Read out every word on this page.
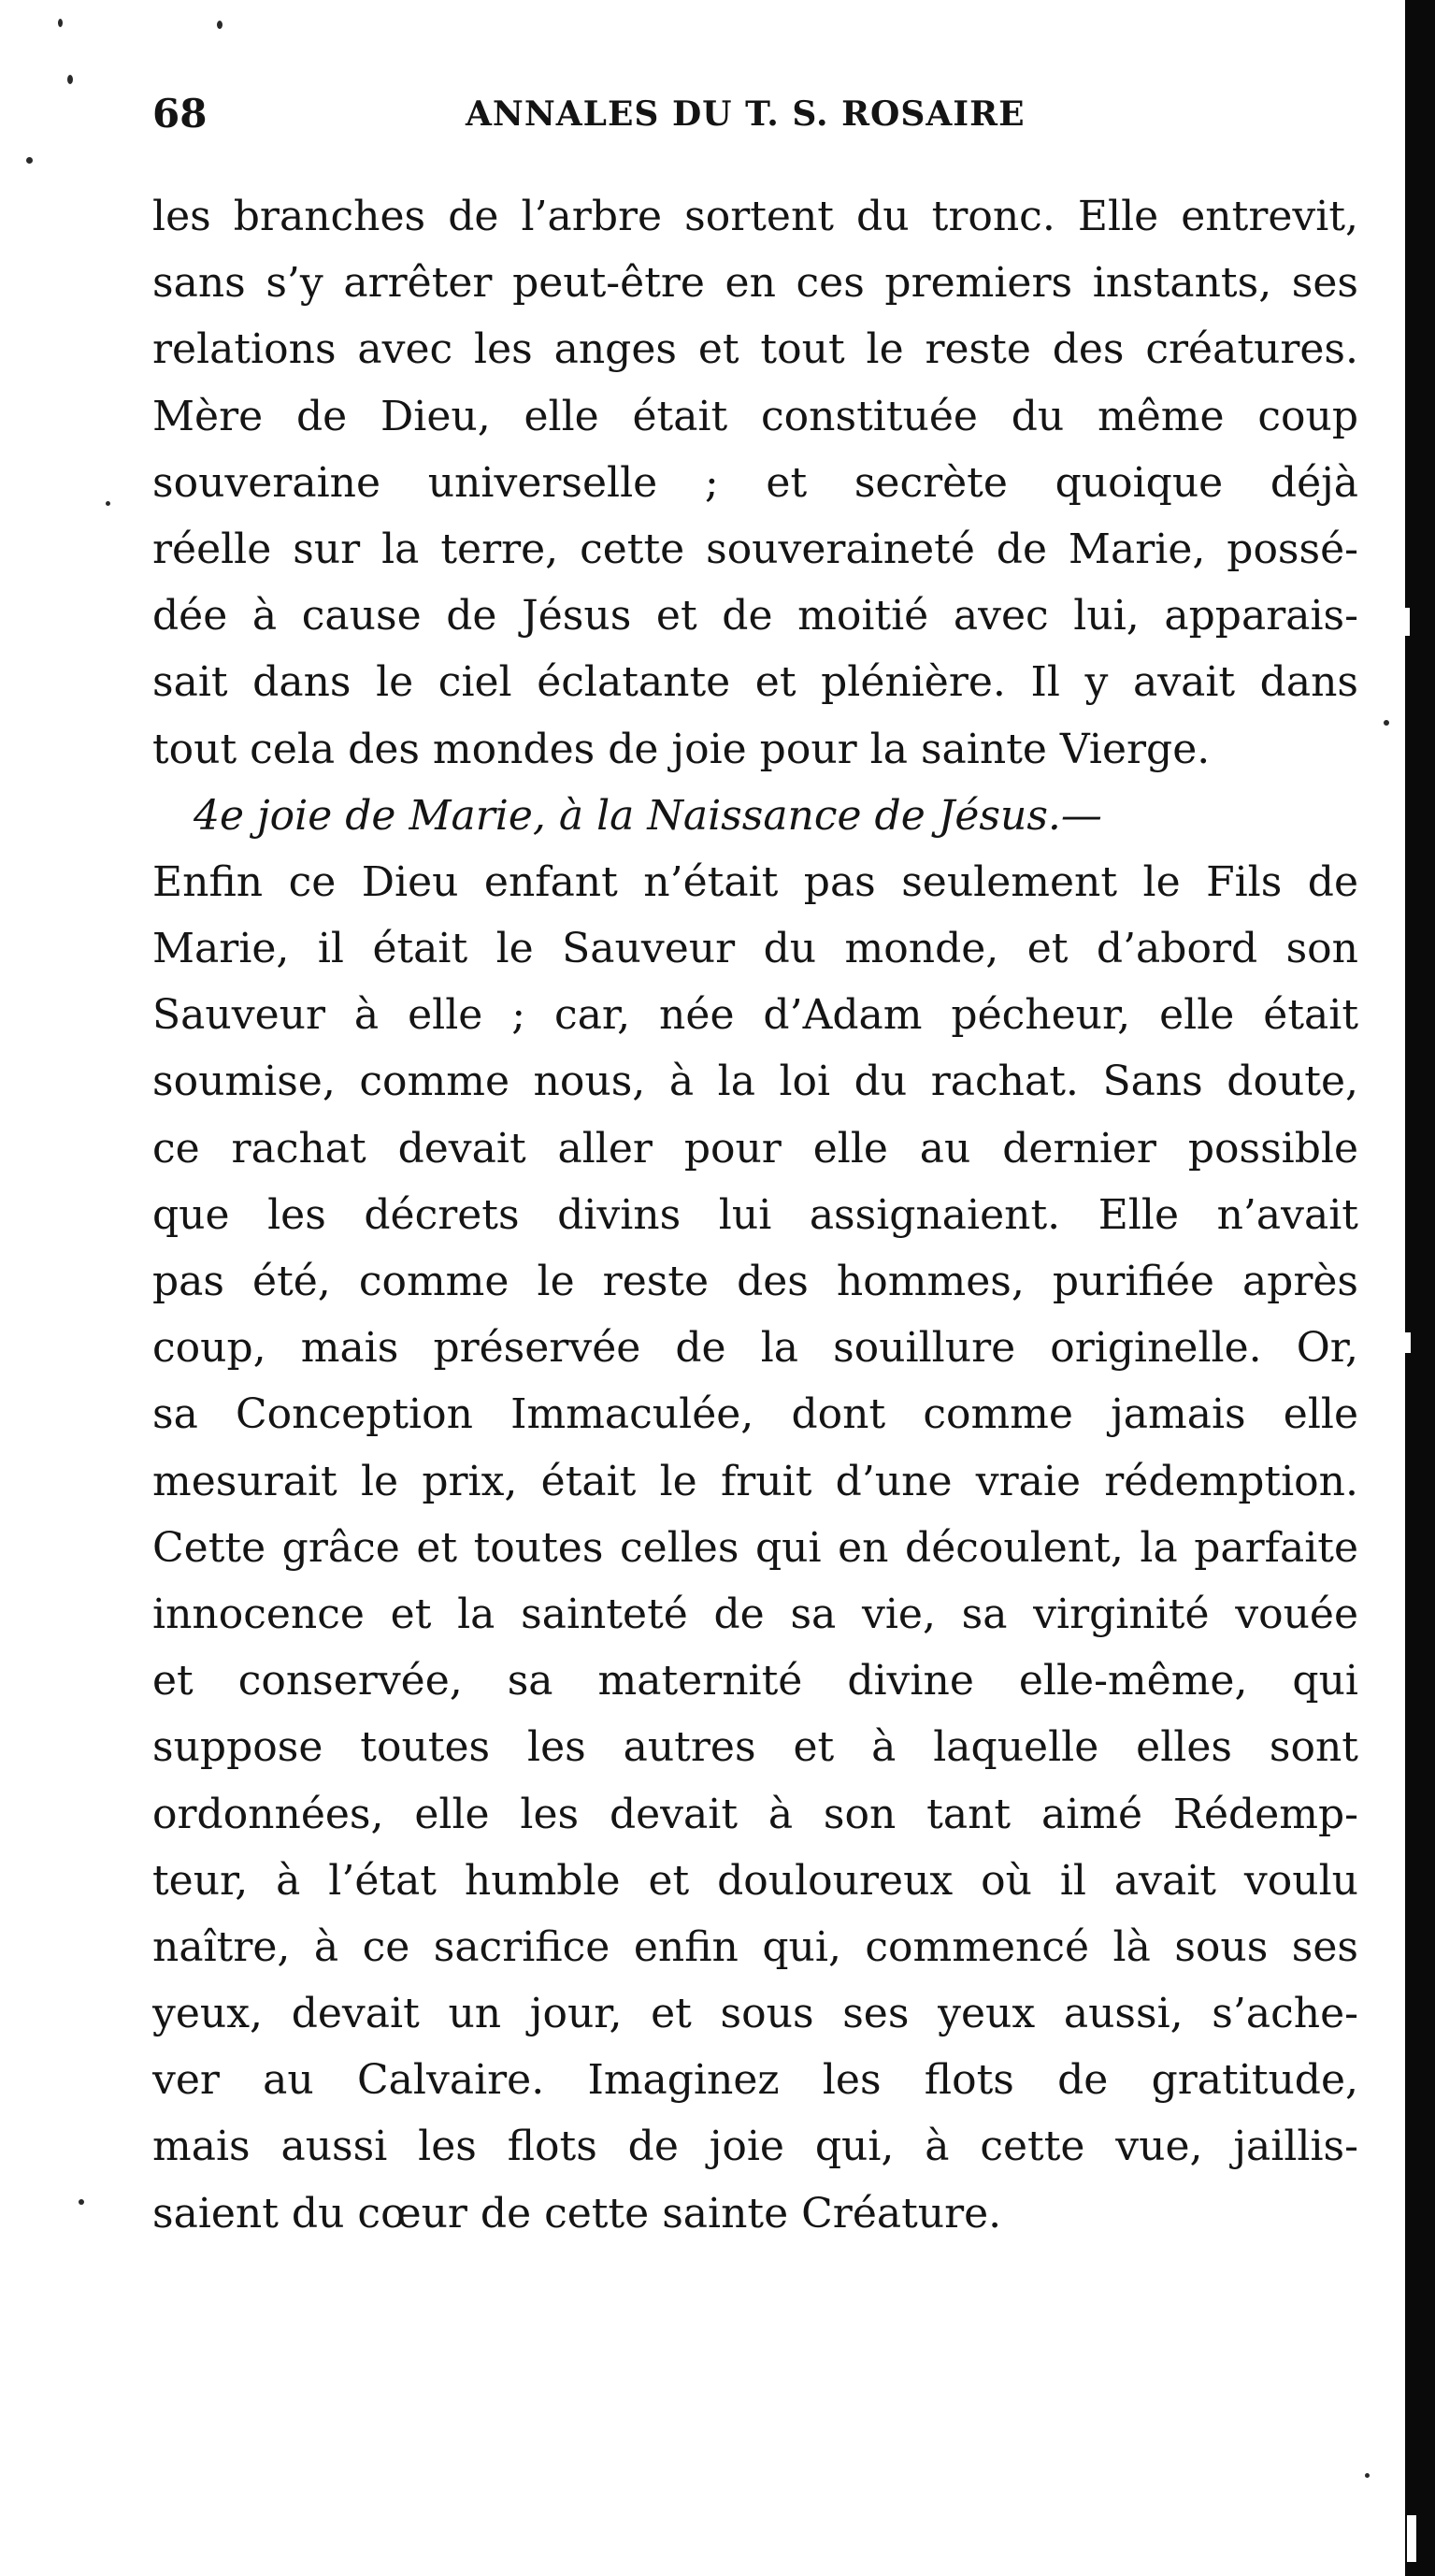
68	ANNALES DU T. S. ROSAIRE
les branches de l’arbre sortent du tronc. Elle entrevit,
sans s’y arrêter peut-être en ces premiers instants, ses
relations avec les anges et tout le reste des créatures.
Mère de Dieu, elle était constituée du même coup
souveraine universelle ; et secrète quoique déjà
réelle sur la terre, cette souveraineté de Marie, possé-
dée à cause de Jésus et de moitié avec lui, apparais-
sait dans le ciel éclatante et plénière. Il y avait dans
tout cela des mondes de joie pour la sainte Vierge.
4e joie de Marie, à la Naissance de Jésus.—
Enfin ce Dieu enfant n’était pas seulement le Fils de
Marie, il était le Sauveur du monde, et d’abord son
Sauveur à elle ; car, née d’Adam pécheur, elle était
soumise, comme nous, à la loi du rachat. Sans doute,
ce rachat devait aller pour elle au dernier possible
que les décrets divins lui assignaient. Elle n’avait
pas été, comme le reste des hommes, purifiée après
coup, mais préservée de la souillure originelle. Or,
sa Conception Immaculée, dont comme jamais elle
mesurait le prix, était le fruit d’une vraie rédemption.
Cette grâce et toutes celles qui en découlent, la parfaite
innocence et la sainteté de sa vie, sa virginité vouée
et conservée, sa maternité divine elle-même, qui
suppose toutes les autres et à laquelle elles sont
ordonnées, elle les devait à son tant aimé Rédemp-
teur, à l’état humble et douloureux où il avait voulu
naître, à ce sacrifice enfin qui, commencé là sous ses
yeux, devait un jour, et sous ses yeux aussi, s’ache-
ver au Calvaire. Imaginez les flots de gratitude,
mais aussi les flots de joie qui, à cette vue, jaillis-
saient du cœur de cette sainte Créature.
